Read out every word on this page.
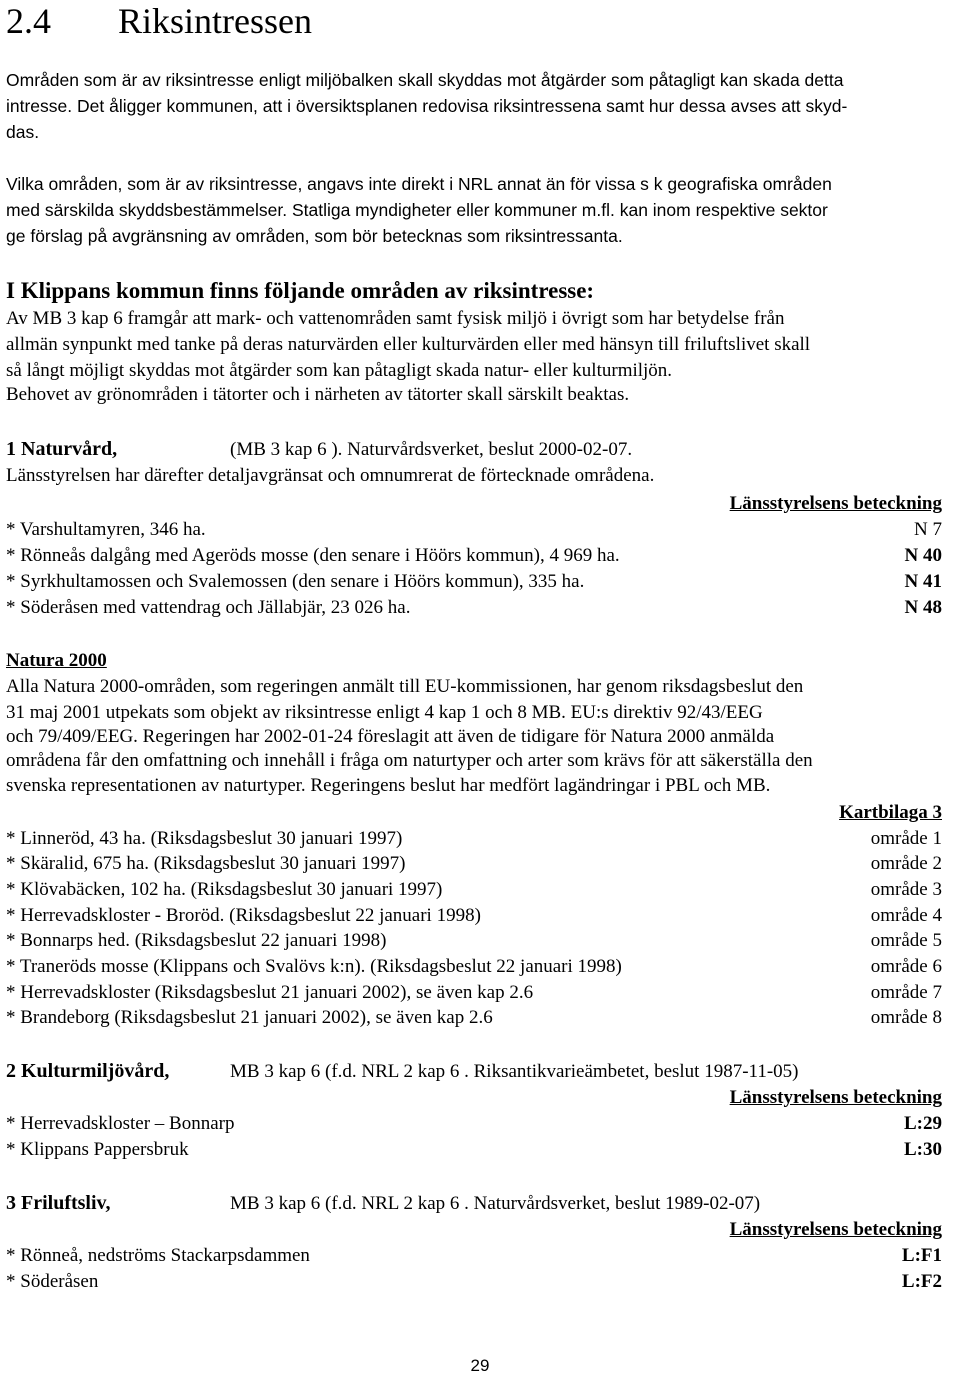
2.4 Riksintressen
Områden som är av riksintresse enligt miljöbalken skall skyddas mot åtgärder som påtagligt kan skada detta
intresse. Det åligger kommunen, att i översiktsplanen redovisa riksintressena samt hur dessa avses att skyd-
das.
Vilka områden, som är av riksintresse, angavs inte direkt i NRL annat än för vissa s k geografiska områden
med särskilda skyddsbestämmelser. Statliga myndigheter eller kommuner m.fl. kan inom respektive sektor
ge förslag på avgränsning av områden, som bör betecknas som riksintressanta.
I Klippans kommun finns följande områden av riksintresse:
Av MB 3 kap 6 framgår att mark- och vattenområden samt fysisk miljö i övrigt som har betydelse från
allmän synpunkt med tanke på deras naturvärden eller kulturvärden eller med hänsyn till friluftslivet skall
så långt möjligt skyddas mot åtgärder som kan påtagligt skada natur- eller kulturmiljön.
Behovet av grönområden i tätorter och i närheten av tätorter skall särskilt beaktas.
1 Naturvård,	(MB 3 kap 6 ). Naturvårdsverket, beslut 2000-02-07.
Länsstyrelsen har därefter detaljavgränsat och omnumrerat de förtecknade områdena.
Länsstyrelsens beteckning
* Varshultamyren, 346 ha.	N 7
* Rönneås dalgång med Ageröds mosse (den senare i Höörs kommun), 4 969 ha.	N 40
* Syrkhultamossen och Svalemossen (den senare i Höörs kommun), 335 ha.	N 41
* Söderåsen med vattendrag och Jällabjär, 23 026 ha.	N 48
Natura 2000
Alla Natura 2000-områden, som regeringen anmält till EU-kommissionen, har genom riksdagsbeslut den
31 maj 2001 utpekats som objekt av riksintresse enligt 4 kap 1 och 8 MB. EU:s direktiv 92/43/EEG
och 79/409/EEG. Regeringen har 2002-01-24 föreslagit att även de tidigare för Natura 2000 anmälda
områdena får den omfattning och innehåll i fråga om naturtyper och arter som krävs för att säkerställa den
svenska representationen av naturtyper. Regeringens beslut har medfört lagändringar i PBL och MB.
Kartbilaga 3
* Linneröd, 43 ha. (Riksdagsbeslut 30 januari 1997)	område 1
* Skäralid, 675 ha. (Riksdagsbeslut 30 januari 1997)	område 2
* Klövabäcken, 102 ha. (Riksdagsbeslut 30 januari 1997)	område 3
* Herrevadskloster - Broröd. (Riksdagsbeslut 22 januari 1998)	område 4
* Bonnarps hed. (Riksdagsbeslut 22 januari 1998)	område 5
* Traneröds mosse (Klippans och Svalövs k:n). (Riksdagsbeslut 22 januari 1998)	område 6
* Herrevadskloster (Riksdagsbeslut 21 januari 2002), se även kap 2.6	område 7
* Brandeborg (Riksdagsbeslut 21 januari 2002), se även kap 2.6	område 8
2 Kulturmiljövård,	MB 3 kap 6 (f.d. NRL 2 kap 6 . Riksantikvarieämbetet, beslut 1987-11-05)
Länsstyrelsens beteckning
* Herrevadskloster – Bonnarp	L:29
* Klippans Pappersbruk	L:30
3 Friluftsliv,	MB 3 kap 6 (f.d. NRL 2 kap 6 . Naturvårdsverket, beslut 1989-02-07)
Länsstyrelsens beteckning
* Rönneå, nedströms Stackarpsdammen	L:F1
* Söderåsen	L:F2
29
